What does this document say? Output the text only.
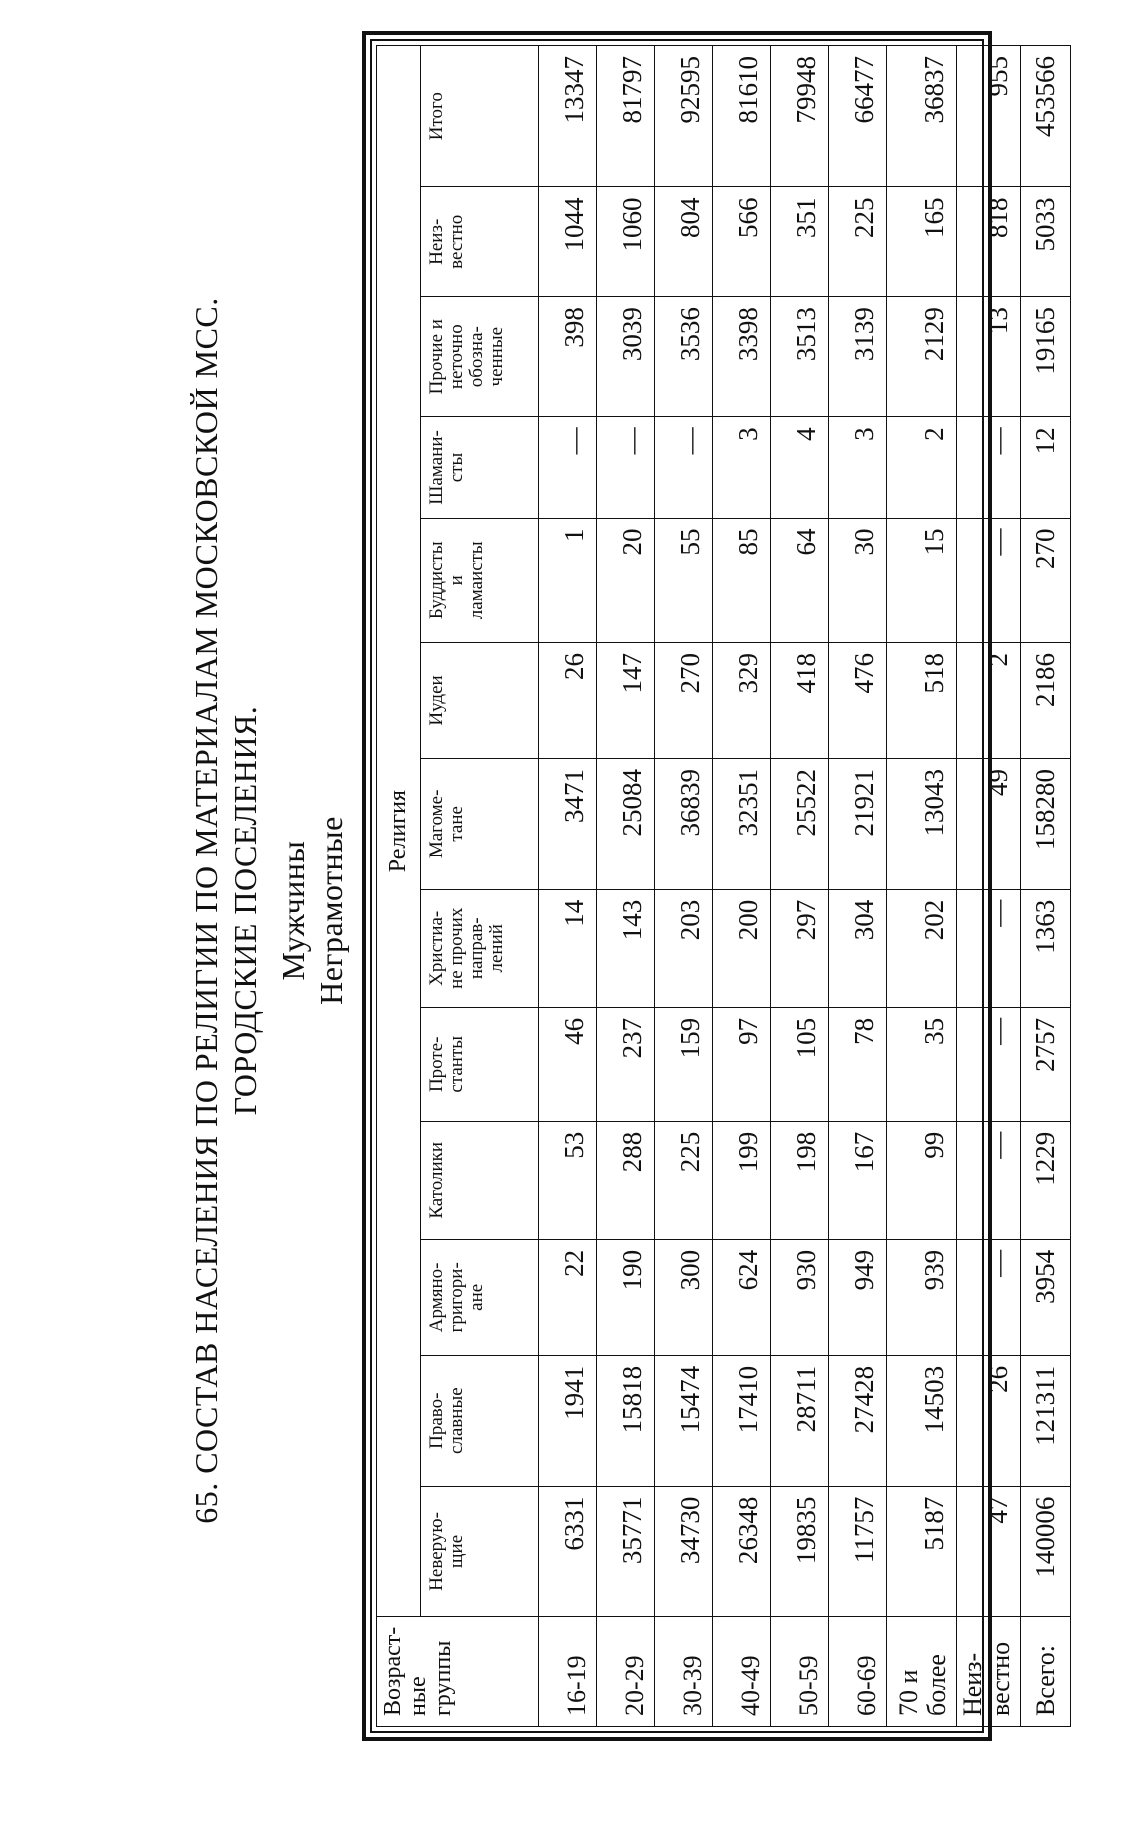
65. СОСТАВ НАСЕЛЕНИЯ ПО РЕЛИГИИ ПО МАТЕРИАЛАМ МОСКОВСКОЙ МСС. ГОРОДСКИЕ ПОСЕЛЕНИЯ. Мужчины Неграмотные
Возраст-
ные
группы	Религия												
	Неверую-
щие	Право-
славные	Армяно-
григори-
ане	Католики	Проте-
станты	Христиа-
не прочих
направ-
лений	Магоме-
тане	Иудеи	Буддисты
и
ламаисты	Шамани-
сты	Прочие и
неточно
обозна-
ченные	Неиз-
вестно	Итого
16-19	6331	1941	22	53	46	14	3471	26	1	—	398	1044	13347
20-29	35771	15818	190	288	237	143	25084	147	20	—	3039	1060	81797
30-39	34730	15474	300	225	159	203	36839	270	55	—	3536	804	92595
40-49	26348	17410	624	199	97	200	32351	329	85	3	3398	566	81610
50-59	19835	28711	930	198	105	297	25522	418	64	4	3513	351	79948
60-69	11757	27428	949	167	78	304	21921	476	30	3	3139	225	66477
70 и
более	5187	14503	939	99	35	202	13043	518	15	2	2129	165	36837
Неиз-
вестно	47	26	—	—	—	—	49	2	—	—	13	818	955
Всего:	140006	121311	3954	1229	2757	1363	158280	2186	270	12	19165	5033	453566
